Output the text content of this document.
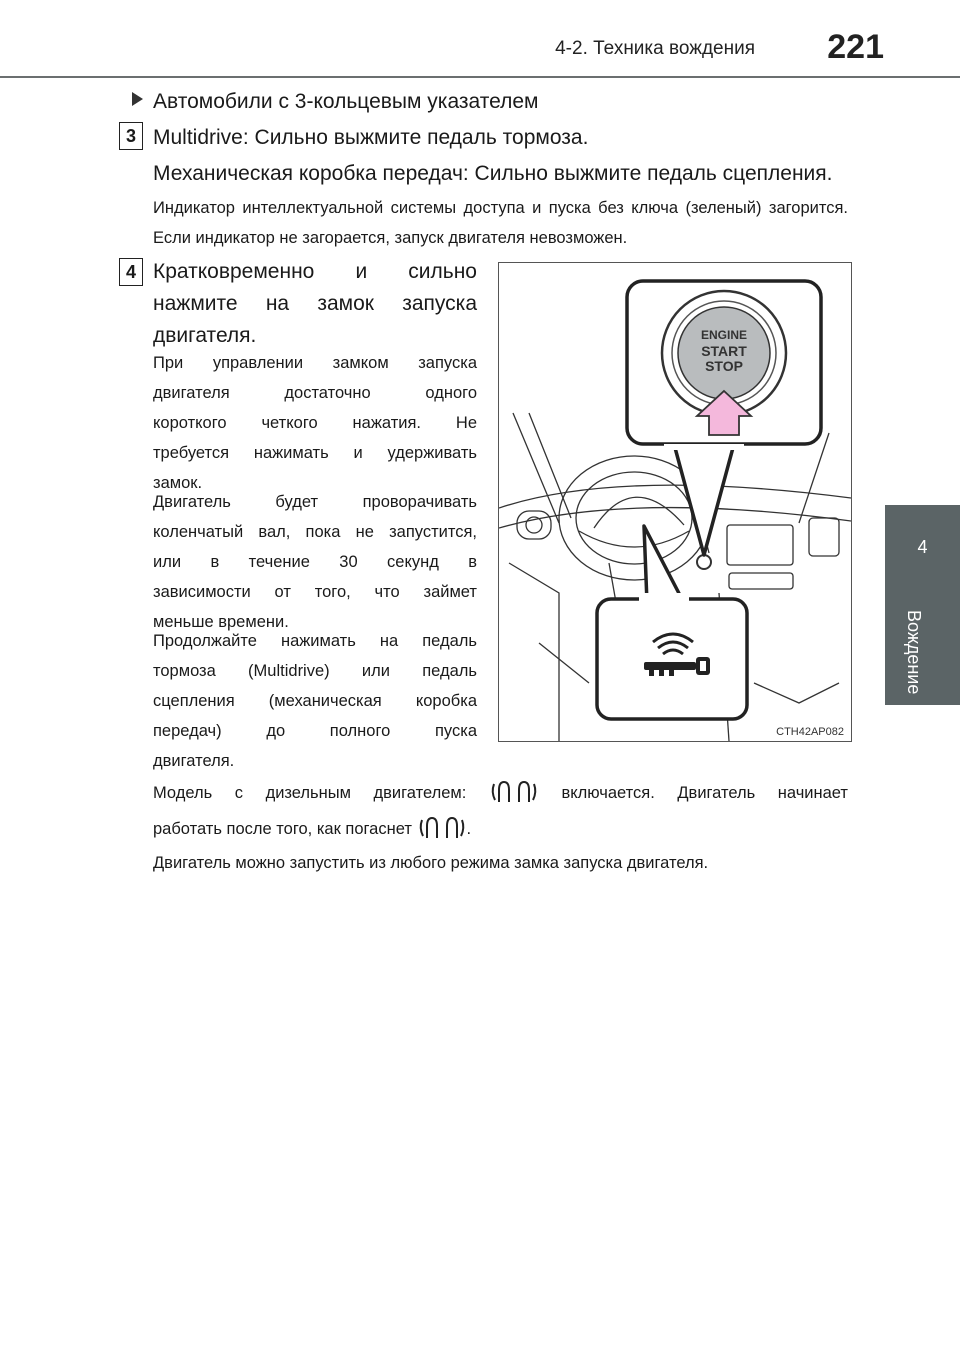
4-2. Техника вождения 221
4
Вождение
Автомобили с 3-кольцевым указателем
3 Multidrive: Сильно выжмите педаль тормоза.
Механическая коробка передач: Сильно выжмите педаль сцепления.
Индикатор интеллектуальной системы доступа и пуска без ключа (зеленый) загорится. Если индикатор не загорается, запуск двигателя невозможен.
4 Кратковременно и сильно
нажмите на замок запуска
двигателя.
При управлении замком запуска
двигателя достаточно одного
короткого четкого нажатия. Не
требуется нажимать и удерживать
замок.
Двигатель будет проворачивать
коленчатый вал, пока не запустится,
или в течение 30 секунд в
зависимости от того, что займет
меньше времени.
Продолжайте нажимать на педаль
тормоза (Multidrive) или педаль
сцепления (механическая коробка
передач) до полного пуска
двигателя.
ENGINE
START
STOP
CTH42AP082
Модель с дизельным двигателем:	включается. Двигатель начинает
работать после того, как погаснет	.
Двигатель можно запустить из любого режима замка запуска двигателя.
